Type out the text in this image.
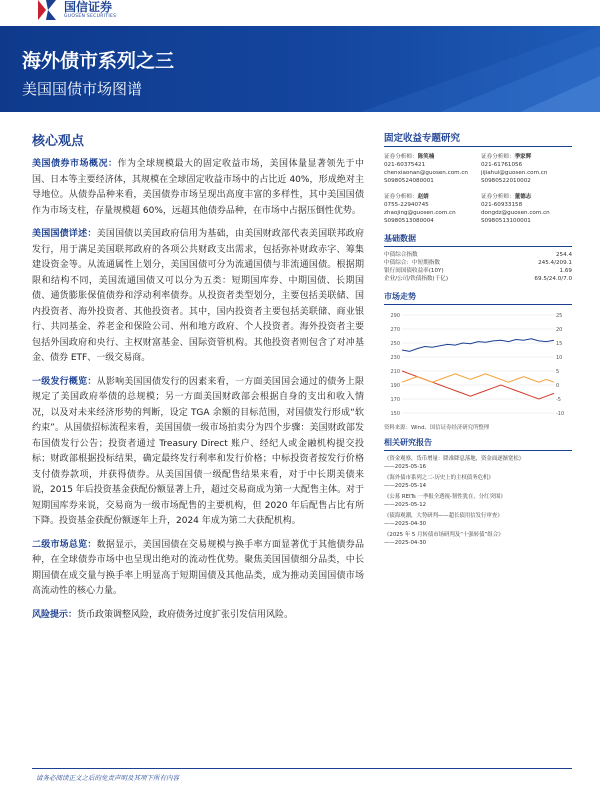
国信证券
GUOSEN SECURITIES
海外债市系列之三
美国国债市场图谱
核心观点

美国债券市场概况：作为全球规模最大的固定收益市场，美国体量显著领先于中国、日本等主要经济体，其规模在全球固定收益市场中的占比近 40%，形成绝对主导地位。从债券品种来看，美国债券市场呈现出高度丰富的多样性，其中美国国债作为市场支柱，存量规模超 60%，远超其他债券品种，在市场中占据压倒性优势。

美国国债详述：美国国债以美国政府信用为基础，由美国财政部代表美国联邦政府发行，用于满足美国联邦政府的各项公共财政支出需求，包括弥补财政赤字、筹集建设资金等。从流通属性上划分，美国国债可分为流通国债与非流通国债。根据期限和结构不同，美国流通国债又可以分为五类：短期国库券、中期国债、长期国债、通货膨胀保值债券和浮动利率债券。从投资者类型划分，主要包括美联储、国内投资者、海外投资者、其他投资者。其中，国内投资者主要包括美联储、商业银行、共同基金、养老金和保险公司、州和地方政府、个人投资者。海外投资者主要包括外国政府和央行、主权财富基金、国际资管机构。其他投资者则包含了对冲基金、债券 ETF、一级交易商。

一级发行概览：从影响美国国债发行的因素来看，一方面美国国会通过的债务上限规定了美国政府举债的总规模；另一方面美国财政部会根据自身的支出和收入情况，以及对未来经济形势的判断，设定 TGA 余额的目标范围，对国债发行形成“软约束”。从国债招标流程来看，美国国债一级市场拍卖分为四个步骤：美国财政部发布国债发行公告；投资者通过 Treasury Direct 账户、经纪人或金融机构提交投标；财政部根据投标结果，确定最终发行利率和发行价格；中标投资者按发行价格支付债券款项，并获得债券。从美国国债一级配售结果来看，对于中长期美债来说，2015 年后投资基金获配份额显著上升，超过交易商成为第一大配售主体。对于短期国库券来说，交易商为一级市场配售的主要机构，但 2020 年后配售占比有所下降。投资基金获配份额逐年上升，2024 年成为第二大获配机构。

二级市场总览：数据显示，美国国债在交易规模与换手率方面显著优于其他债券品种，在全球债券市场中也呈现出绝对的流动性优势。聚焦美国国债细分品类，中长期国债在成交量与换手率上明显高于短期国债及其他品类，成为推动美国国债市场高流动性的核心力量。

风险提示：货币政策调整风险，政府债务过度扩张引发信用风险。

固定收益专题研究
证券分析师：陈笑楠
021-60375421
chenxiaonan@guosen.com.cn
S0980524080001
证券分析师：季家辉
021-61761056
jijiahui@guosen.com.cn
S0980522010002
证券分析师：赵婧
0755-22940745
zhaojing@guosen.com.cn
S0980513080004
证券分析师：董德志
021-60933158
dongdz@guosen.com.cn
S0980513100001
基础数据
中债综合指数	254.4
中债综合：中短期指数	245.4/209.1
银行间国债收益率(10Y)	1.69
企业/公司/铁债指数(千亿)	69.5/24.0/7.0
市场走势
290
270
250
230
210
190
170
150
25
20
15
10
5
0
-5
-10
资料来源：Wind、国信证券经济研究所整理
相关研究报告
《资金观察，货币增量：降准降息落地，资金面逐渐宽松》
——2025-05-16
《海外债市系列之二-历史上的主权债务危机》
——2025-05-14
《公募 REITs 一季报全透视-韧性犹在，分红突围》
——2025-05-12
《债海观潮，大势研判——超长债用信发行审查》
——2025-04-30
《2025 年 5 月转债市场研判及“十强转债”组合》
——2025-04-30
请务必阅读正文之后的免责声明及其项下所有内容
